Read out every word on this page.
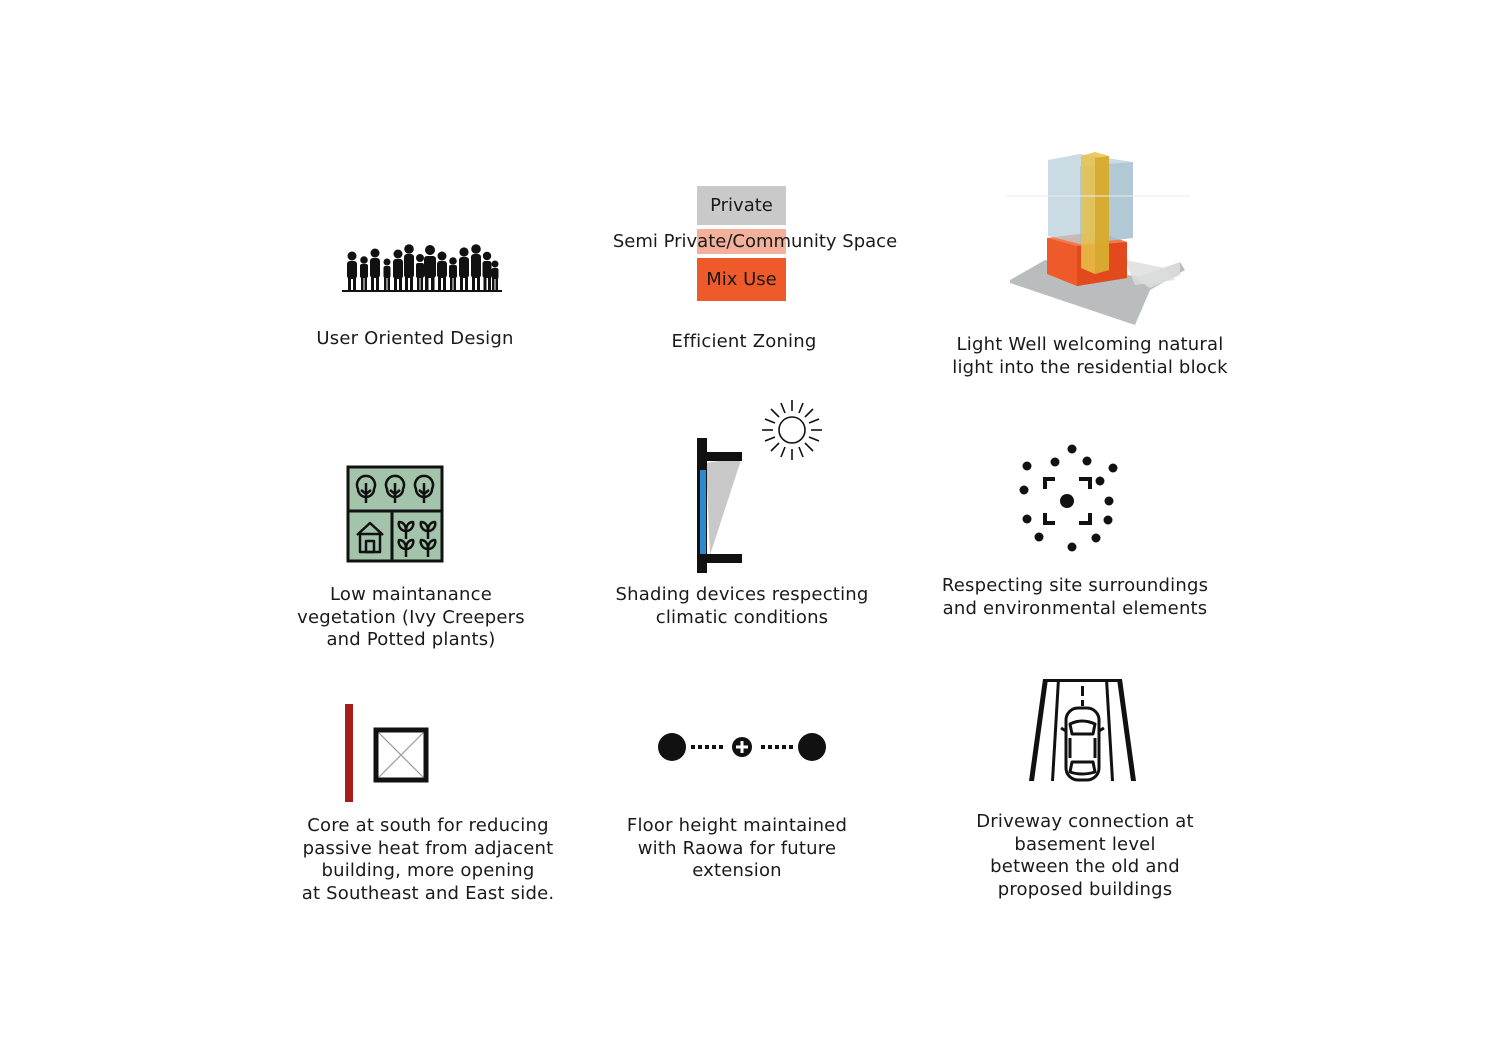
User Oriented Design
Private
Semi Private/Community Space
Mix Use
Efficient Zoning	Light Well welcoming natural
light into the residential block
Low maintanance
vegetation (Ivy Creepers
and Potted plants)
Shading devices respecting
climatic conditions
Respecting site surroundings
and environmental elements
Core at south for reducing
passive heat from adjacent
building, more opening
at Southeast and East side.
Floor height maintained
with Raowa for future
extension
Driveway connection at
basement level
between the old and
proposed buildings
